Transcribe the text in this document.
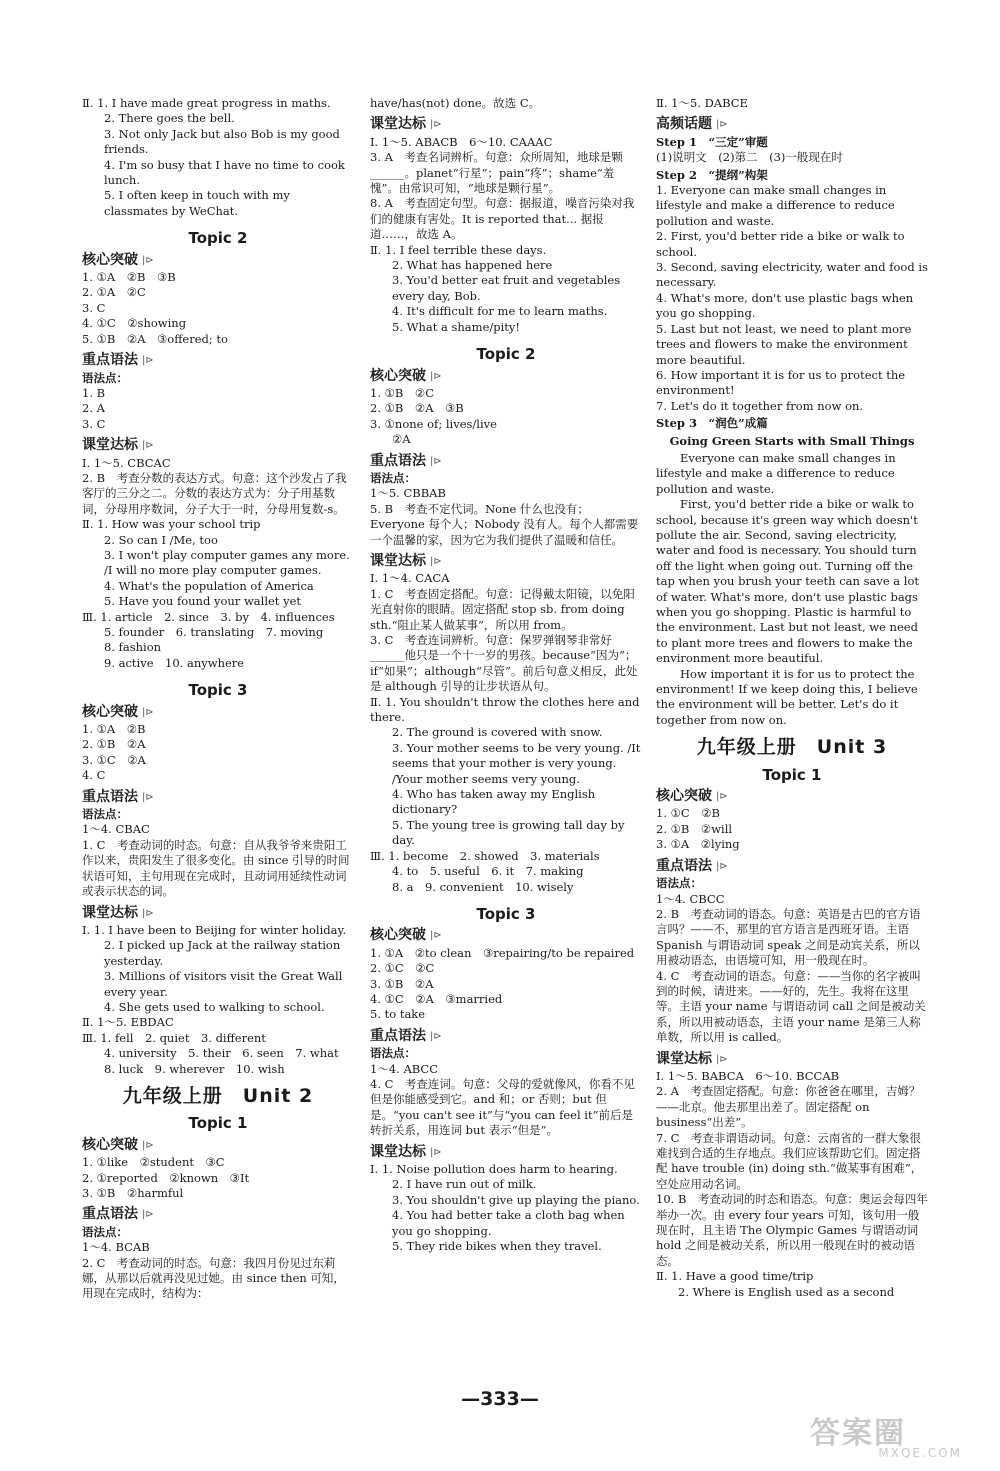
Ⅱ. 1. I have made great progress in maths.
2. There goes the bell.
3. Not only Jack but also Bob is my good friends.
4. I'm so busy that I have no time to cook lunch.
5. I often keep in touch with my classmates by WeChat.
Topic 2
核心突破 |⊳
1. ①A　②B　③B
2. ①A　②C
3. C
4. ①C　②showing
5. ①B　②A　③offered; to
重点语法 |⊳
语法点：
1. B
2. A
3. C
课堂达标 |⊳
Ⅰ. 1～5. CBCAC
2. B　考查分数的表达方式。句意：这个沙发占了我客厅的三分之二。分数的表达方式为：分子用基数词，分母用序数词，分子大于一时，分母用复数-s。
Ⅱ. 1. How was your school trip
2. So can I /Me, too
3. I won't play computer games any more. /I will no more play computer games.
4. What's the population of America
5. Have you found your wallet yet
Ⅲ. 1. article　2. since　3. by　4. influences
5. founder　6. translating　7. moving
8. fashion
9. active　10. anywhere
Topic 3
核心突破 |⊳
1. ①A　②B
2. ①B　②A
3. ①C　②A
4. C
重点语法 |⊳
语法点：
1～4. CBAC
1. C　考查动词的时态。句意：自从我爷爷来贵阳工作以来，贵阳发生了很多变化。由 since 引导的时间状语可知，主句用现在完成时，且动词用延续性动词或表示状态的词。
课堂达标 |⊳
Ⅰ. 1. I have been to Beijing for winter holiday.
2. I picked up Jack at the railway station yesterday.
3. Millions of visitors visit the Great Wall every year.
4. She gets used to walking to school.
Ⅱ. 1～5. EBDAC
Ⅲ. 1. fell　2. quiet　3. different
4. university　5. their　6. seen　7. what
8. luck　9. wherever　10. wish
九年级上册　Unit 2
Topic 1
核心突破 |⊳
1. ①like　②student　③C
2. ①reported　②known　③It
3. ①B　②harmful
重点语法 |⊳
语法点：
1～4. BCAB
2. C　考查动词的时态。句意：我四月份见过东莉娜，从那以后就再没见过她。由 since then 可知，用现在完成时，结构为：
have/has(not) done。故选 C。
课堂达标 |⊳
Ⅰ. 1～5. ABACB　6～10. CAAAC
3. A　考查名词辨析。句意：众所周知，地球是颗______。planet“行星”；pain“疼”；shame“羞愧”。由常识可知，“地球是颗行星”。
8. A　考查固定句型。句意：据报道，噪音污染对我们的健康有害处。It is reported that... 据报道……，故选 A。
Ⅱ. 1. I feel terrible these days.
2. What has happened here
3. You'd better eat fruit and vegetables every day, Bob.
4. It's difficult for me to learn maths.
5. What a shame/pity!
Topic 2
核心突破 |⊳
1. ①B　②C
2. ①B　②A　③B
3. ①none of; lives/live
②A
重点语法 |⊳
语法点：
1～5. CBBAB
5. B　考查不定代词。None 什么也没有；Everyone 每个人；Nobody 没有人。每个人都需要一个温馨的家，因为它为我们提供了温暖和信任。
课堂达标 |⊳
Ⅰ. 1～4. CACA
1. C　考查固定搭配。句意：记得戴太阳镜，以免阳光直射你的眼睛。固定搭配 stop sb. from doing sth.“阻止某人做某事”，所以用 from。
3. C　考查连词辨析。句意：保罗弹钢琴非常好______他只是一个十一岁的男孩。because“因为”；if“如果”；although“尽管”。前后句意义相反，此处是 although 引导的让步状语从句。
Ⅱ. 1. You shouldn't throw the clothes here and there.
2. The ground is covered with snow.
3. Your mother seems to be very young. /It seems that your mother is very young. /Your mother seems very young.
4. Who has taken away my English dictionary?
5. The young tree is growing tall day by day.
Ⅲ. 1. become　2. showed　3. materials
4. to　5. useful　6. it　7. making
8. a　9. convenient　10. wisely
Topic 3
核心突破 |⊳
1. ①A　②to clean　③repairing/to be repaired
2. ①C　②C
3. ①B　②A
4. ①C　②A　③married
5. to take
重点语法 |⊳
语法点：
1～4. ABCC
4. C　考查连词。句意：父母的爱就像风，你看不见但是你能感受到它。and 和；or 否则；but 但是。“you can't see it”与“you can feel it”前后是转折关系，用连词 but 表示“但是”。
课堂达标 |⊳
Ⅰ. 1. Noise pollution does harm to hearing.
2. I have run out of milk.
3. You shouldn't give up playing the piano.
4. You had better take a cloth bag when you go shopping.
5. They ride bikes when they travel.
Ⅱ. 1～5. DABCE
高频话题 |⊳
Step 1　“三定”审题
(1)说明文　(2)第二　(3)一般现在时
Step 2　“提纲”构架
1. Everyone can make small changes in lifestyle and make a difference to reduce pollution and waste.
2. First, you'd better ride a bike or walk to school.
3. Second, saving electricity, water and food is necessary.
4. What's more, don't use plastic bags when you go shopping.
5. Last but not least, we need to plant more trees and flowers to make the environment more beautiful.
6. How important it is for us to protect the environment!
7. Let's do it together from now on.
Step 3　“润色”成篇
Going Green Starts with Small Things
Everyone can make small changes in lifestyle and make a difference to reduce pollution and waste.
First, you'd better ride a bike or walk to school, because it's green way which doesn't pollute the air. Second, saving electricity, water and food is necessary. You should turn off the light when going out. Turning off the tap when you brush your teeth can save a lot of water. What's more, don't use plastic bags when you go shopping. Plastic is harmful to the environment. Last but not least, we need to plant more trees and flowers to make the environment more beautiful.
How important it is for us to protect the environment! If we keep doing this, I believe the environment will be better. Let's do it together from now on.
九年级上册　Unit 3
Topic 1
核心突破 |⊳
1. ①C　②B
2. ①B　②will
3. ①A　②lying
重点语法 |⊳
语法点：
1～4. CBCC
2. B　考查动词的语态。句意：英语是古巴的官方语言吗？——不，那里的官方语言是西班牙语。主语 Spanish 与谓语动词 speak 之间是动宾关系，所以用被动语态，由语境可知，用一般现在时。
4. C　考查动词的语态。句意：——当你的名字被叫到的时候，请进来。——好的，先生。我将在这里等。主语 your name 与谓语动词 call 之间是被动关系，所以用被动语态，主语 your name 是第三人称单数，所以用 is called。
课堂达标 |⊳
Ⅰ. 1～5. BABCA　6～10. BCCAB
2. A　考查固定搭配。句意：你爸爸在哪里，吉姆？——北京。他去那里出差了。固定搭配 on business“出差”。
7. C　考查非谓语动词。句意：云南省的一群大象很难找到合适的生存地点。我们应该帮助它们。固定搭配 have trouble (in) doing sth.“做某事有困难”，空处应用动名词。
10. B　考查动词的时态和语态。句意：奥运会每四年举办一次。由 every four years 可知，该句用一般现在时，且主语 The Olympic Games 与谓语动词 hold 之间是被动关系，所以用一般现在时的被动语态。
Ⅱ. 1. Have a good time/trip
2. Where is English used as a second
—333—
答案圈
MXQE.COM
